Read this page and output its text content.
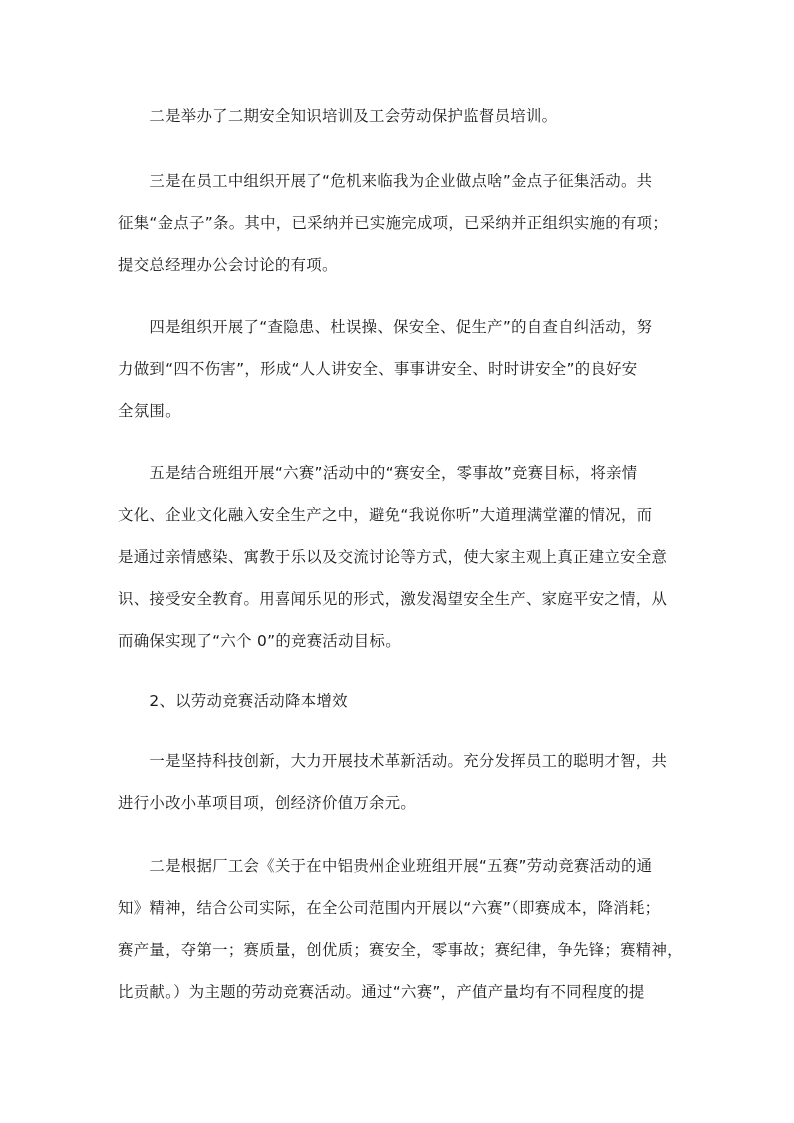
　　二是举办了二期安全知识培训及工会劳动保护监督员培训。
　　三是在员工中组织开展了“危机来临我为企业做点啥”金点子征集活动。共
征集“金点子”条。其中，已采纳并已实施完成项，已采纳并正组织实施的有项；
提交总经理办公会讨论的有项。
　　四是组织开展了“查隐患、杜误操、保安全、促生产”的自查自纠活动，努
力做到“四不伤害”，形成“人人讲安全、事事讲安全、时时讲安全”的良好安
全氛围。
　　五是结合班组开展“六赛”活动中的“赛安全，零事故”竞赛目标，将亲情
文化、企业文化融入安全生产之中，避免“我说你听”大道理满堂灌的情况，而
是通过亲情感染、寓教于乐以及交流讨论等方式，使大家主观上真正建立安全意
识、接受安全教育。用喜闻乐见的形式，激发渴望安全生产、家庭平安之情，从
而确保实现了“六个 0”的竞赛活动目标。
　　2、以劳动竞赛活动降本增效
　　一是坚持科技创新，大力开展技术革新活动。充分发挥员工的聪明才智，共
进行小改小革项目项，创经济价值万余元。
　　二是根据厂工会《关于在中铝贵州企业班组开展“五赛”劳动竞赛活动的通
知》精神，结合公司实际，在全公司范围内开展以“六赛”（即赛成本，降消耗；
赛产量，夺第一；赛质量，创优质；赛安全，零事故；赛纪律，争先锋；赛精神，
比贡献。）为主题的劳动竞赛活动。通过“六赛”，产值产量均有不同程度的提
